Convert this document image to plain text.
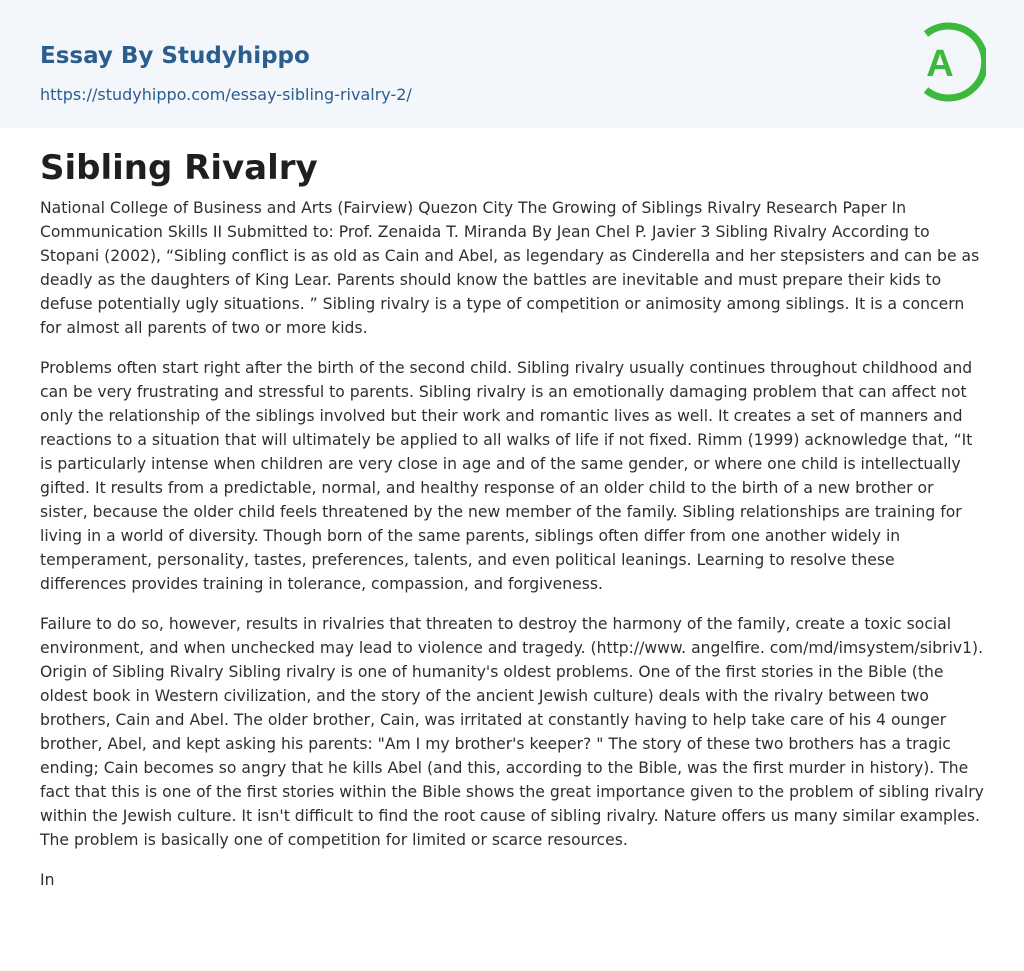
Essay By Studyhippo
https://studyhippo.com/essay-sibling-rivalry-2/
A
Sibling Rivalry

National College of Business and Arts (Fairview) Quezon City The Growing of Siblings Rivalry Research Paper In Communication Skills II Submitted to: Prof. Zenaida T. Miranda By Jean Chel P. Javier 3 Sibling Rivalry According to Stopani (2002), “Sibling conflict is as old as Cain and Abel, as legendary as Cinderella and her stepsisters and can be as deadly as the daughters of King Lear. Parents should know the battles are inevitable and must prepare their kids to defuse potentially ugly situations. ” Sibling rivalry is a type of competition or animosity among siblings. It is a concern for almost all parents of two or more kids.

Problems often start right after the birth of the second child. Sibling rivalry usually continues throughout childhood and can be very frustrating and stressful to parents. Sibling rivalry is an emotionally damaging problem that can affect not only the relationship of the siblings involved but their work and romantic lives as well. It creates a set of manners and reactions to a situation that will ultimately be applied to all walks of life if not fixed. Rimm (1999) acknowledge that, “It is particularly intense when children are very close in age and of the same gender, or where one child is intellectually gifted. It results from a predictable, normal, and healthy response of an older child to the birth of a new brother or sister, because the older child feels threatened by the new member of the family. Sibling relationships are training for living in a world of diversity. Though born of the same parents, siblings often differ from one another widely in temperament, personality, tastes, preferences, talents, and even political leanings. Learning to resolve these differences provides training in tolerance, compassion, and forgiveness.

Failure to do so, however, results in rivalries that threaten to destroy the harmony of the family, create a toxic social environment, and when unchecked may lead to violence and tragedy. (http://www. angelfire. com/md/imsystem/sibriv1). Origin of Sibling Rivalry Sibling rivalry is one of humanity's oldest problems. One of the first stories in the Bible (the oldest book in Western civilization, and the story of the ancient Jewish culture) deals with the rivalry between two brothers, Cain and Abel. The older brother, Cain, was irritated at constantly having to help take care of his 4 ounger brother, Abel, and kept asking his parents: "Am I my brother's keeper? " The story of these two brothers has a tragic ending; Cain becomes so angry that he kills Abel (and this, according to the Bible, was the first murder in history). The fact that this is one of the first stories within the Bible shows the great importance given to the problem of sibling rivalry within the Jewish culture. It isn't difficult to find the root cause of sibling rivalry. Nature offers us many similar examples. The problem is basically one of competition for limited or scarce resources.

In
